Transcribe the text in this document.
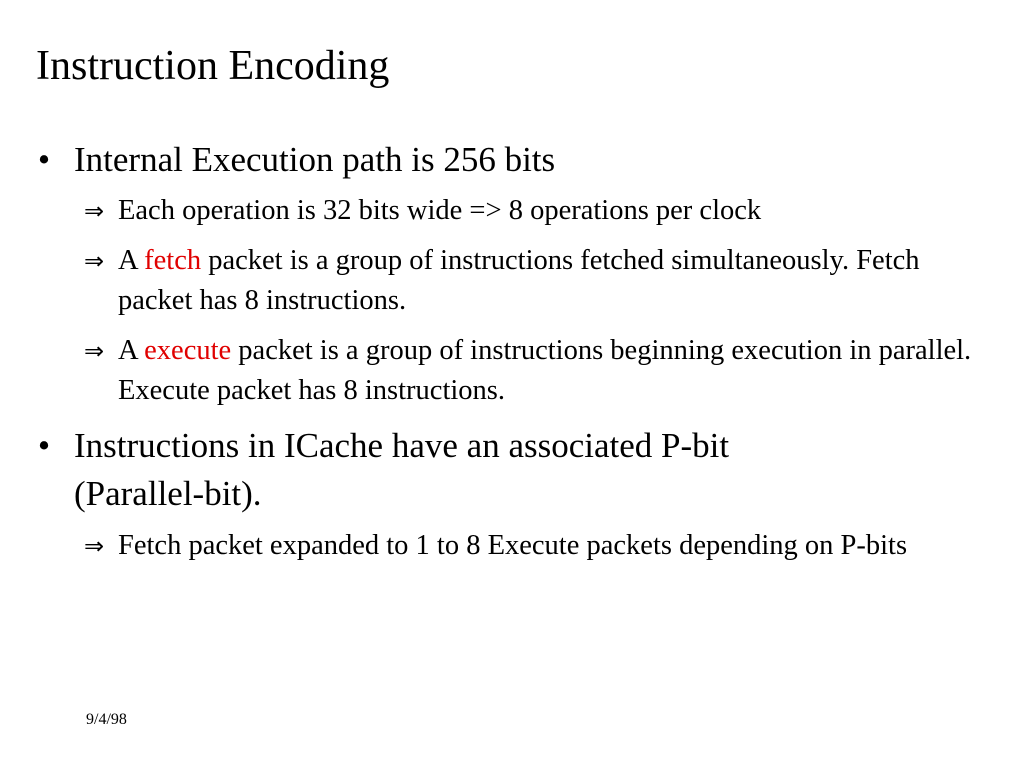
Instruction Encoding
• Internal Execution path is 256 bits
⇒ Each operation is 32 bits wide => 8 operations per clock
⇒ A fetch packet is a group of instructions fetched simultaneously. Fetch packet has 8 instructions.
⇒ A execute packet is a group of instructions beginning execution in parallel. Execute packet has 8 instructions.
• Instructions in ICache have an associated P-bit (Parallel-bit).
⇒ Fetch packet expanded to 1 to 8 Execute packets depending on P-bits
9/4/98
